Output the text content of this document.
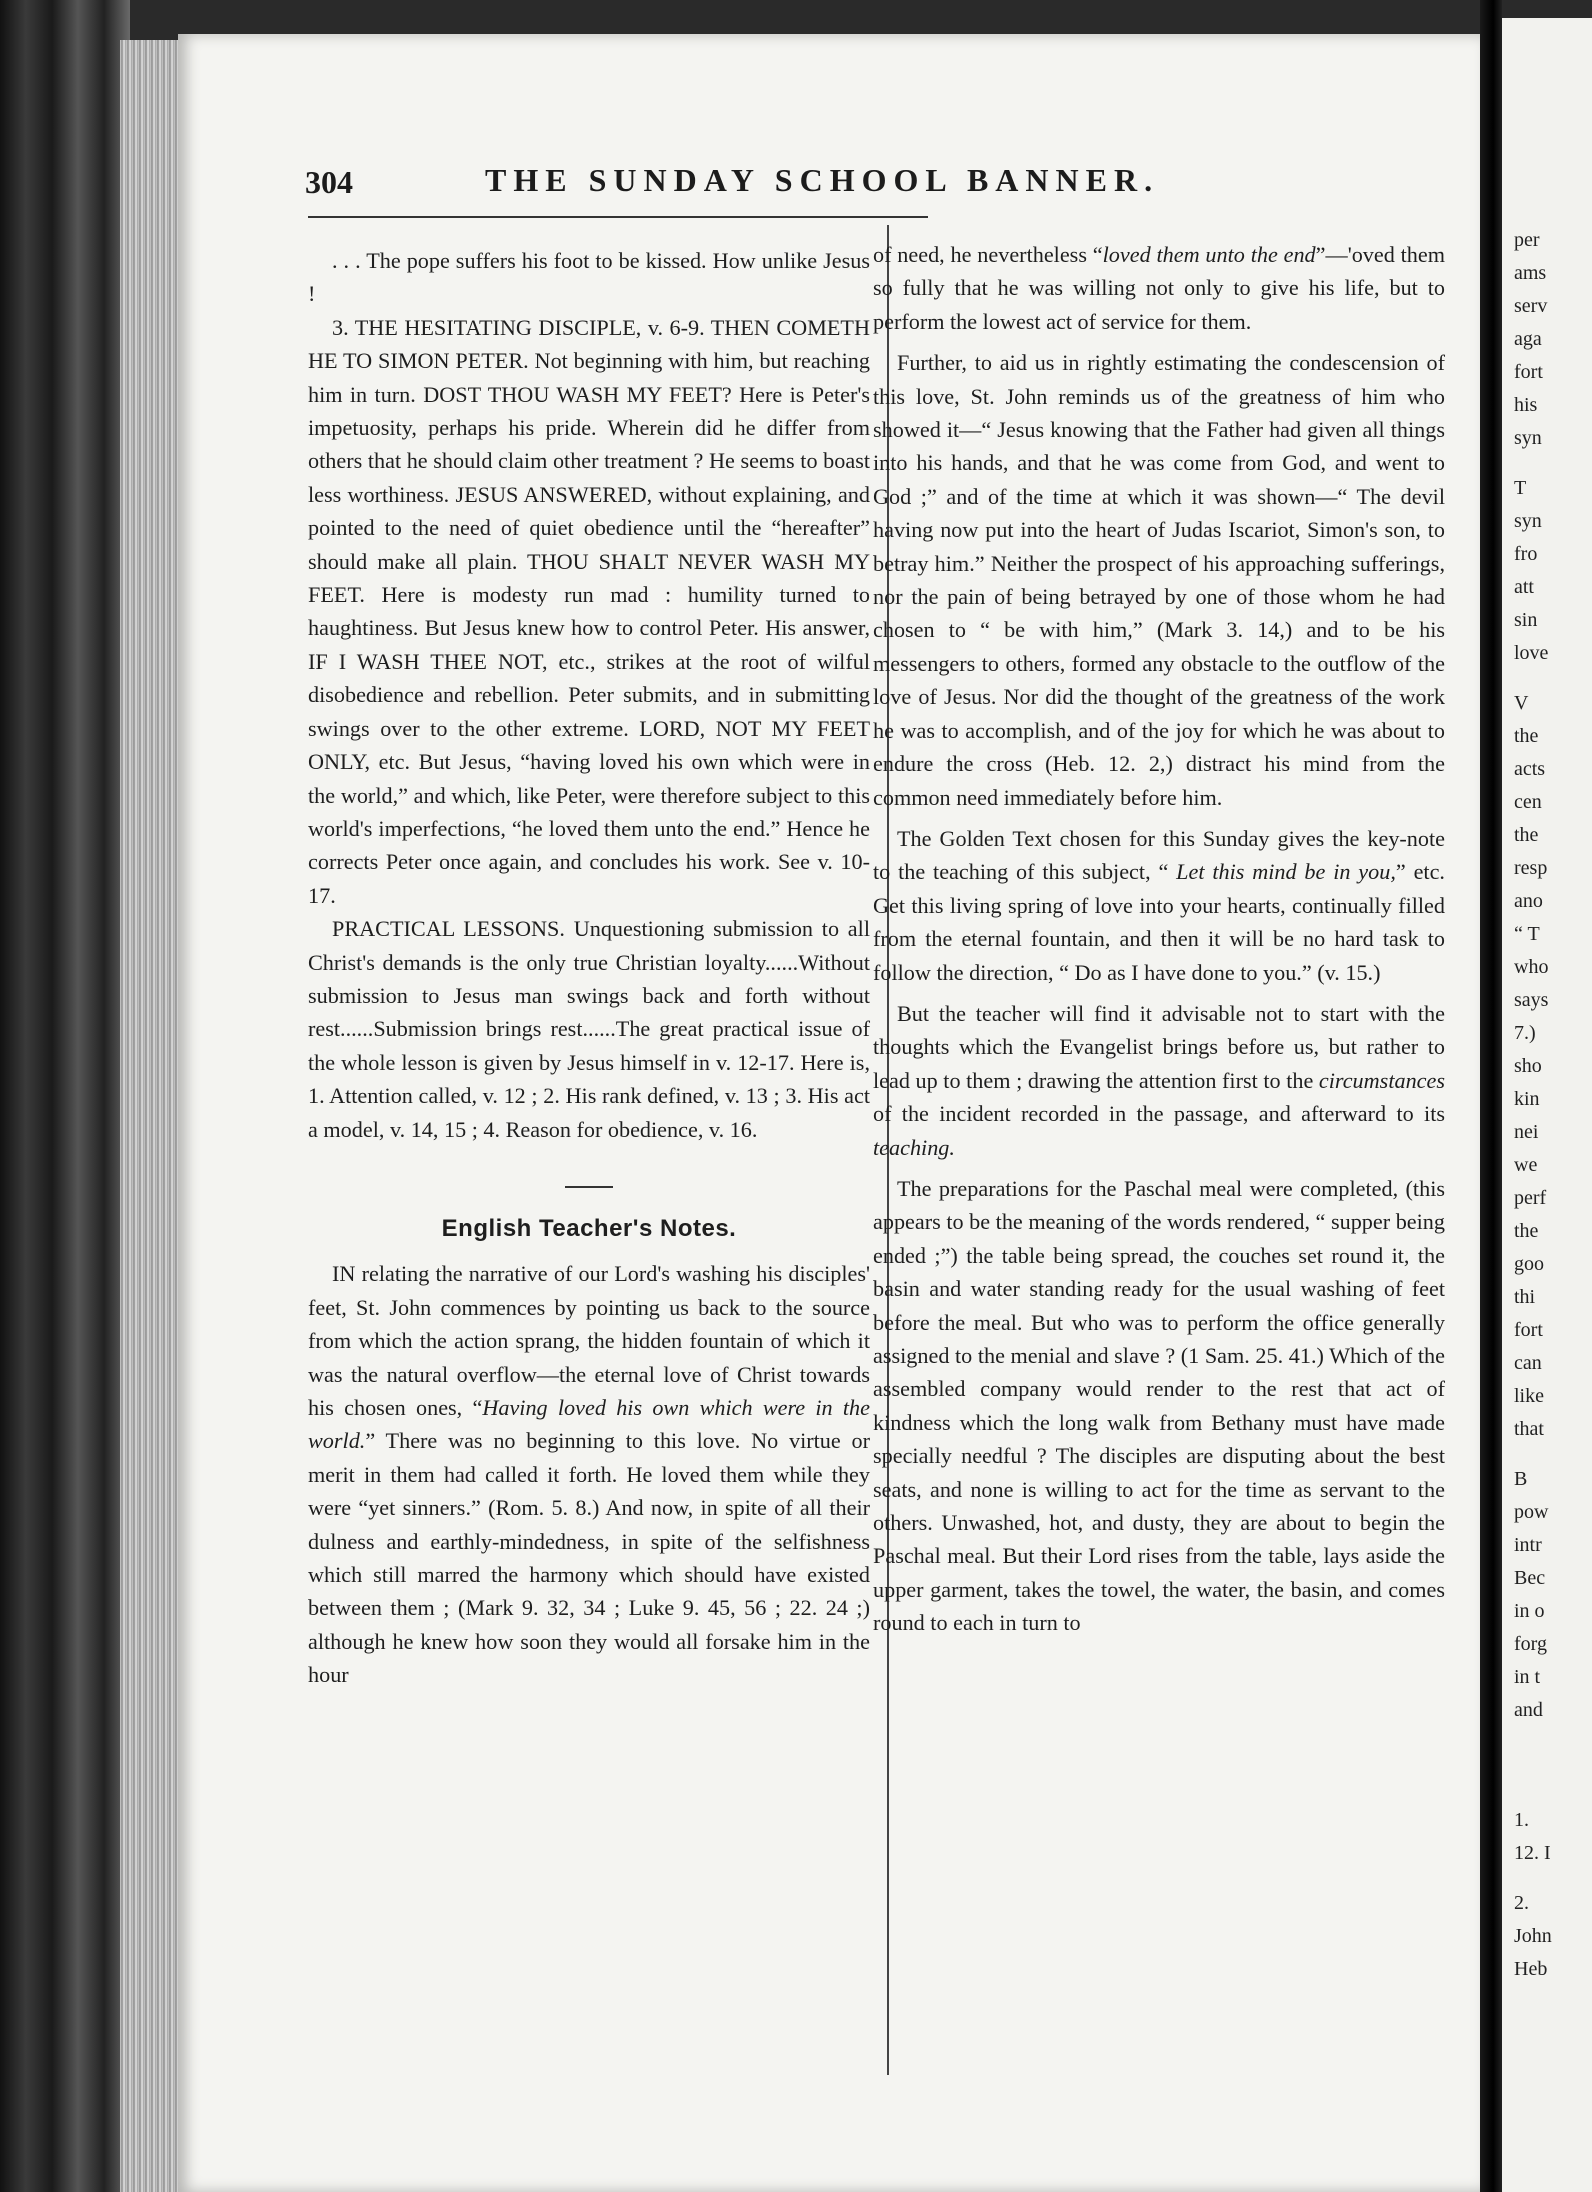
304	THE SUNDAY SCHOOL BANNER.

. . . The pope suffers his foot to be kissed. How unlike Jesus !

3. THE HESITATING DISCIPLE, v. 6-9. THEN COMETH HE TO SIMON PETER. Not beginning with him, but reaching him in turn. DOST THOU WASH MY FEET? Here is Peter's impetuosity, perhaps his pride. Wherein did he differ from others that he should claim other treatment ? He seems to boast less worthiness. JESUS ANSWERED, without explaining, and pointed to the need of quiet obedience until the “hereafter” should make all plain. THOU SHALT NEVER WASH MY FEET. Here is modesty run mad : humility turned to haughtiness. But Jesus knew how to control Peter. His answer, IF I WASH THEE NOT, etc., strikes at the root of wilful disobedience and rebellion. Peter submits, and in submitting swings over to the other extreme. LORD, NOT MY FEET ONLY, etc. But Jesus, “having loved his own which were in the world,” and which, like Peter, were therefore subject to this world's imperfections, “he loved them unto the end.” Hence he corrects Peter once again, and concludes his work. See v. 10-17.

PRACTICAL LESSONS. Unquestioning submission to all Christ's demands is the only true Christian loyalty......Without submission to Jesus man swings back and forth without rest......Submission brings rest......The great practical issue of the whole lesson is given by Jesus himself in v. 12-17. Here is, 1. Attention called, v. 12 ; 2. His rank defined, v. 13 ; 3. His act a model, v. 14, 15 ; 4. Reason for obedience, v. 16.

English Teacher's Notes.

IN relating the narrative of our Lord's washing his disciples' feet, St. John commences by pointing us back to the source from which the action sprang, the hidden fountain of which it was the natural overflow—the eternal love of Christ towards his chosen ones, “Having loved his own which were in the world.” There was no beginning to this love. No virtue or merit in them had called it forth. He loved them while they were “yet sinners.” (Rom. 5. 8.) And now, in spite of all their dulness and earthly-mindedness, in spite of the selfishness which still marred the harmony which should have existed between them ; (Mark 9. 32, 34 ; Luke 9. 45, 56 ; 22. 24 ;) although he knew how soon they would all forsake him in the hour

of need, he nevertheless “loved them unto the end”—'oved them so fully that he was willing not only to give his life, but to perform the lowest act of service for them.

Further, to aid us in rightly estimating the condescension of this love, St. John reminds us of the greatness of him who showed it—“ Jesus knowing that the Father had given all things into his hands, and that he was come from God, and went to God ;” and of the time at which it was shown—“ The devil having now put into the heart of Judas Iscariot, Simon's son, to betray him.” Neither the prospect of his approaching sufferings, nor the pain of being betrayed by one of those whom he had chosen to “ be with him,” (Mark 3. 14,) and to be his messengers to others, formed any obstacle to the outflow of the love of Jesus. Nor did the thought of the greatness of the work he was to accomplish, and of the joy for which he was about to endure the cross (Heb. 12. 2,) distract his mind from the common need immediately before him.

The Golden Text chosen for this Sunday gives the key-note to the teaching of this subject, “ Let this mind be in you,” etc. Get this living spring of love into your hearts, continually filled from the eternal fountain, and then it will be no hard task to follow the direction, “ Do as I have done to you.” (v. 15.)

But the teacher will find it advisable not to start with the thoughts which the Evangelist brings before us, but rather to lead up to them ; drawing the attention first to the circumstances of the incident recorded in the passage, and afterward to its teaching.

The preparations for the Paschal meal were completed, (this appears to be the meaning of the words rendered, “ supper being ended ;”) the table being spread, the couches set round it, the basin and water standing ready for the usual washing of feet before the meal. But who was to perform the office generally assigned to the menial and slave ? (1 Sam. 25. 41.) Which of the assembled company would render to the rest that act of kindness which the long walk from Bethany must have made specially needful ? The disciples are disputing about the best seats, and none is willing to act for the time as servant to the others. Unwashed, hot, and dusty, they are about to begin the Paschal meal. But their Lord rises from the table, lays aside the upper garment, takes the towel, the water, the basin, and comes round to each in turn to

per
ams
serv
aga
fort
his
syn
T
syn
fro
att
sin
love
V
the
acts
cen
the
resp
ano
“ T
who
says
7.)
sho
kin
nei
we
perf
the
goo
thi
fort
can
like
that
B
pow
intr
Bec
in o
forg
in t
and
1.
12. I
2.
John
Heb
